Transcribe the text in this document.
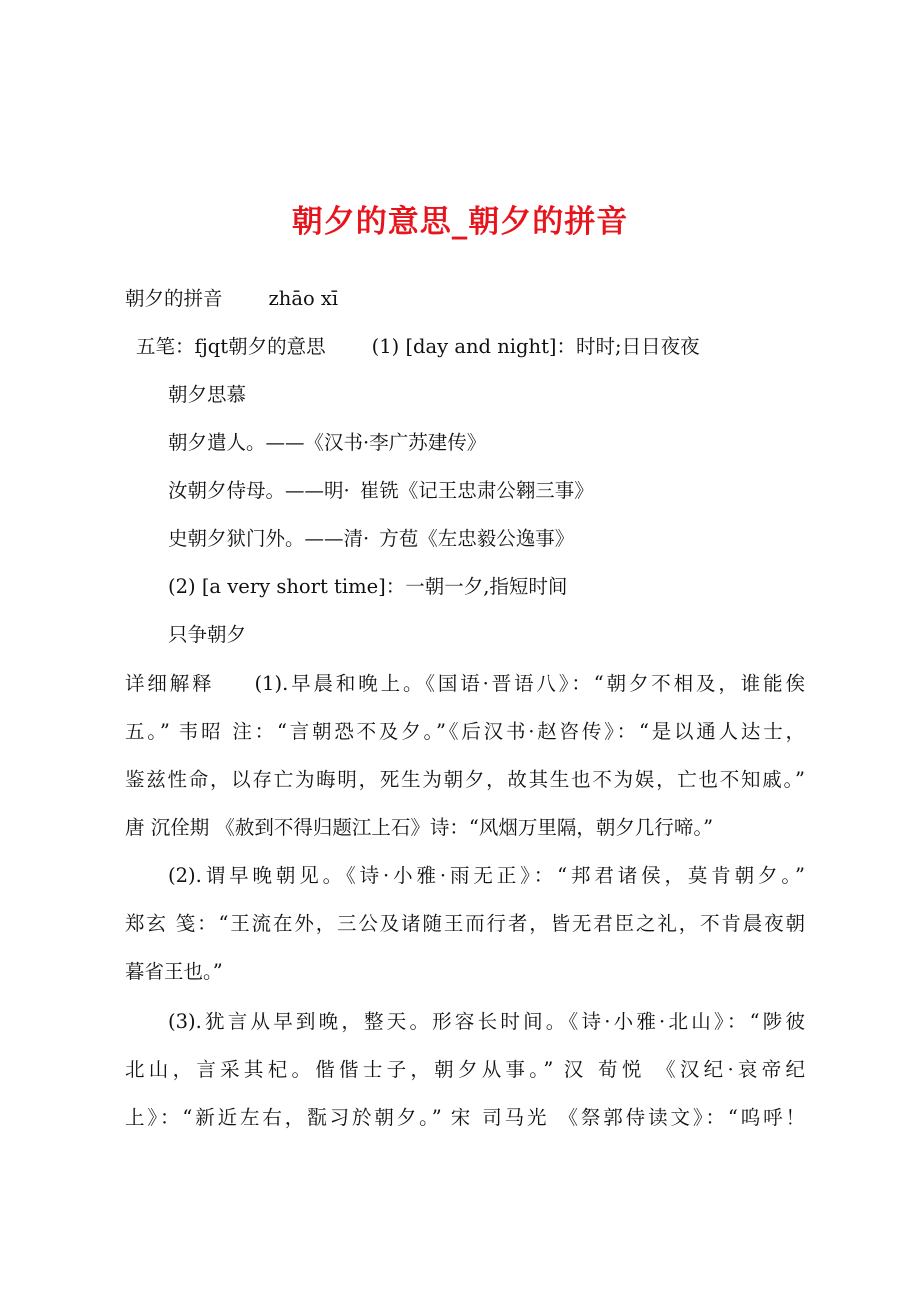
朝夕的意思_朝夕的拼音
朝夕的拼音 zhāo xī
五笔：fjqt朝夕的意思 (1) [day and night]：时时;日日夜夜
朝夕思慕
朝夕遣人。——《汉书·李广苏建传》
汝朝夕侍母。——明· 崔铣《记王忠肃公翱三事》
史朝夕狱门外。——清· 方苞《左忠毅公逸事》
(2) [a very short time]：一朝一夕,指短时间
只争朝夕
详细解释 (1).早晨和晚上。《国语·晋语八》：“朝夕不相及，谁能俟
五。” 韦昭 注：“言朝恐不及夕。”《后汉书·赵咨传》：“是以通人达士，
鉴兹性命，以存亡为晦明，死生为朝夕，故其生也不为娱，亡也不知戚。”
唐 沉佺期 《赦到不得归题江上石》诗：“风烟万里隔，朝夕几行啼。”
(2).谓早晚朝见。《诗·小雅·雨无正》：“邦君诸侯，莫肯朝夕。”
郑玄 笺：“王流在外，三公及诸随王而行者，皆无君臣之礼，不肯晨夜朝
暮省王也。”
(3).犹言从早到晚，整天。形容长时间。《诗·小雅·北山》：“陟彼
北山，言采其杞。偕偕士子，朝夕从事。” 汉 荀悦 《汉纪·哀帝纪
上》：“新近左右，翫习於朝夕。” 宋 司马光 《祭郭侍读文》：“呜呼！
